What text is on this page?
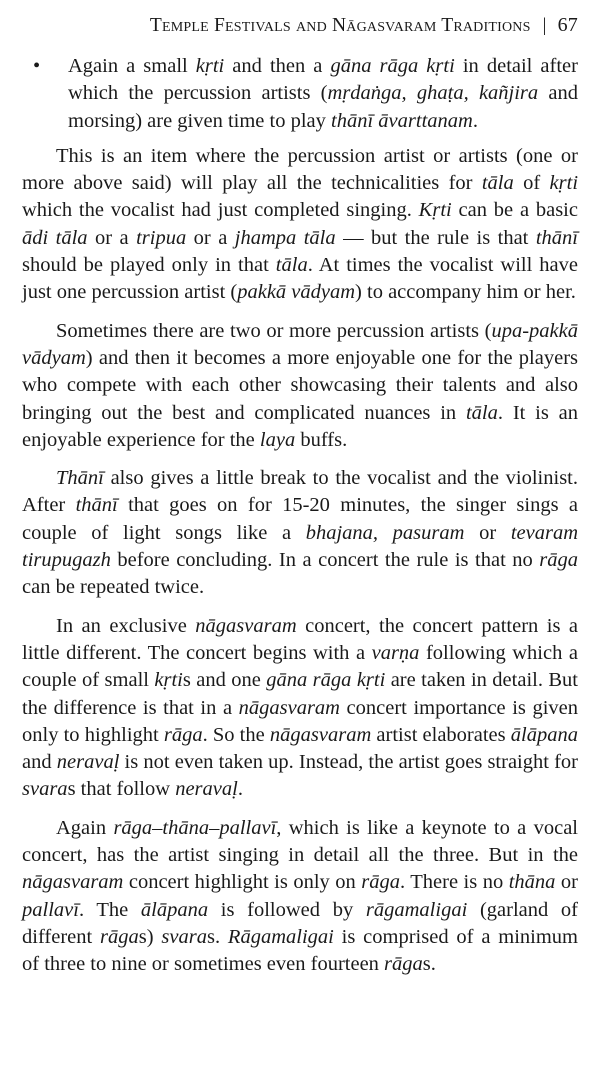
Temple Festivals and Nāgasvaram Traditions | 67
• Again a small kṛti and then a gāna rāga kṛti in detail after which the percussion artists (mṛdaṅga, ghaṭa, kañjira and morsing) are given time to play thānī āvarttanam.

This is an item where the percussion artist or artists (one or more above said) will play all the technicalities for tāla of kṛti which the vocalist had just completed singing. Kṛti can be a basic ādi tāla or a tripua or a jhampa tāla — but the rule is that thānī should be played only in that tāla. At times the vocalist will have just one percussion artist (pakkā vādyam) to accompany him or her.

Sometimes there are two or more percussion artists (upa-pakkā vādyam) and then it becomes a more enjoyable one for the players who compete with each other showcasing their talents and also bringing out the best and complicated nuances in tāla. It is an enjoyable experience for the laya buffs.

Thānī also gives a little break to the vocalist and the violinist. After thānī that goes on for 15-20 minutes, the singer sings a couple of light songs like a bhajana, pasuram or tevaram tirupugazh before concluding. In a concert the rule is that no rāga can be repeated twice.

In an exclusive nāgasvaram concert, the concert pattern is a little different. The concert begins with a varṇa following which a couple of small kṛtis and one gāna rāga kṛti are taken in detail. But the difference is that in a nāgasvaram concert importance is given only to highlight rāga. So the nāgasvaram artist elaborates ālāpana and neravaḷ is not even taken up. Instead, the artist goes straight for svaras that follow neravaḷ.

Again rāga–thāna–pallavī, which is like a keynote to a vocal concert, has the artist singing in detail all the three. But in the nāgasvaram concert highlight is only on rāga. There is no thāna or pallavī. The ālāpana is followed by rāgamaligai (garland of different rāgas) svaras. Rāgamaligai is comprised of a minimum of three to nine or sometimes even fourteen rāgas.
